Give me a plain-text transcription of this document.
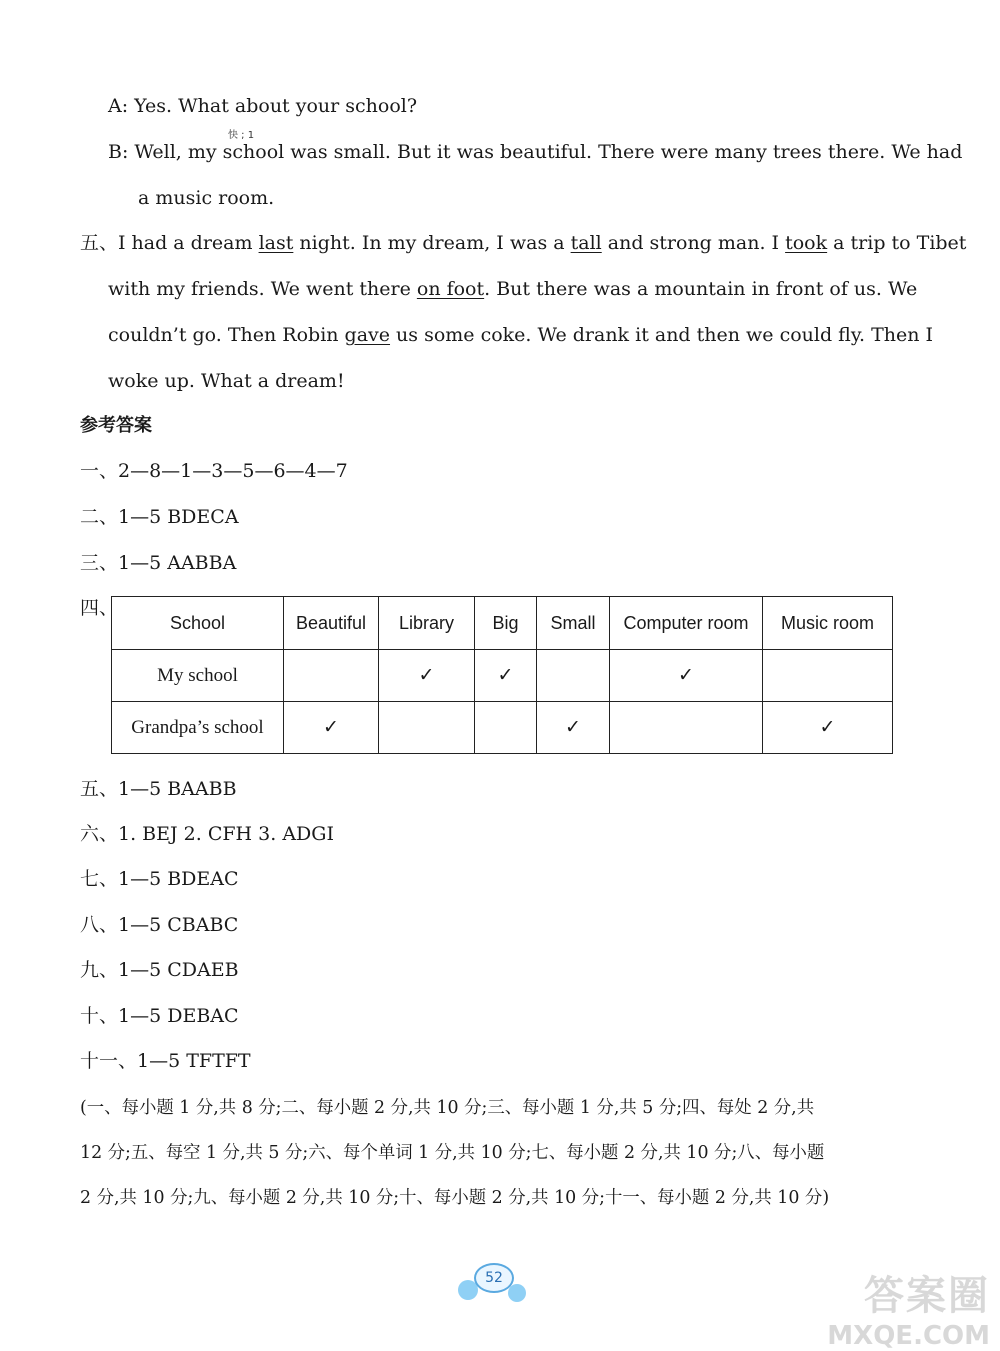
A: Yes. What about your school?
快 ; 1
B: Well, my school was small. But it was beautiful. There were many trees there. We had
a music room.
五、I had a dream last night. In my dream, I was a tall and strong man. I took a trip to Tibet
with my friends. We went there on foot. But there was a mountain in front of us. We
couldn’t go. Then Robin gave us some coke. We drank it and then we could fly. Then I
woke up. What a dream!
参考答案
一、2—8—1—3—5—6—4—7
二、1—5 BDECA
三、1—5 AABBA
四、
School	Beautiful	Library	Big	Small	Computer room	Music room
My school		✓	✓		✓	
Grandpa’s school	✓			✓		✓
五、1—5 BAABB
六、1. BEJ 2. CFH 3. ADGI
七、1—5 BDEAC
八、1—5 CBABC
九、1—5 CDAEB
十、1—5 DEBAC
十一、1—5 TFTFT
(一、每小题 1 分,共 8 分;二、每小题 2 分,共 10 分;三、每小题 1 分,共 5 分;四、每处 2 分,共
12 分;五、每空 1 分,共 5 分;六、每个单词 1 分,共 10 分;七、每小题 2 分,共 10 分;八、每小题
2 分,共 10 分;九、每小题 2 分,共 10 分;十、每小题 2 分,共 10 分;十一、每小题 2 分,共 10 分)
52	答案圈
MXQE.COM
